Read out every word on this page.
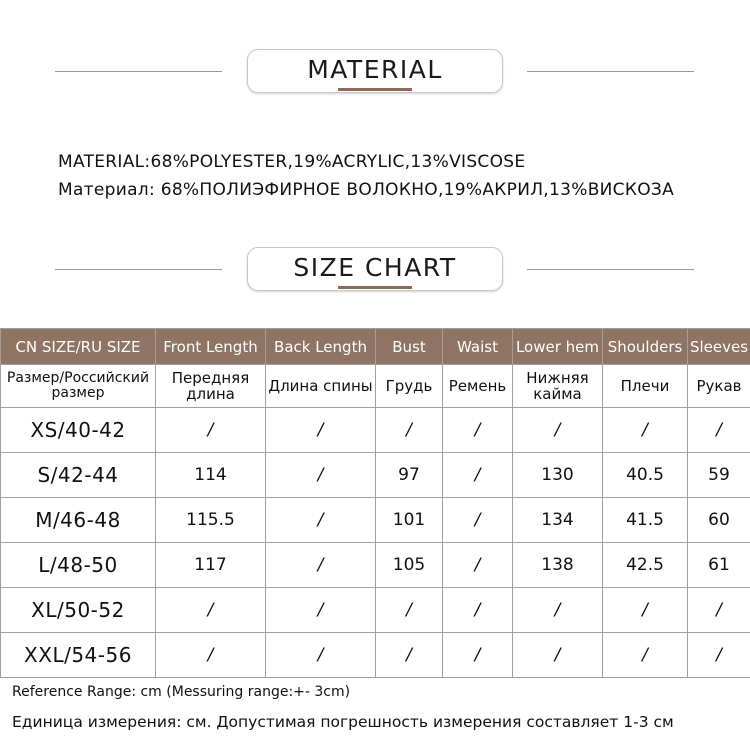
MATERIAL
MATERIAL:68%POLYESTER,19%ACRYLIC,13%VISCOSE
Материал: 68%ПОЛИЭФИРНОЕ ВОЛОКНО,19%АКРИЛ,13%ВИСКОЗА
SIZE CHART
CN SIZE/RU SIZE	Front Length	Back Length	Bust	Waist	Lower hem	Shoulders	Sleeves
Размер/Российский размер	Передняя длина	Длина спины	Грудь	Ремень	Нижняя кайма	Плечи	Рукав
XS/40-42	/	/	/	/	/	/	/
S/42-44	114	/	97	/	130	40.5	59
M/46-48	115.5	/	101	/	134	41.5	60
L/48-50	117	/	105	/	138	42.5	61
XL/50-52	/	/	/	/	/	/	/
XXL/54-56	/	/	/	/	/	/	/
Reference Range: cm (Messuring range:+- 3cm)
Единица измерения: см. Допустимая погрешность измерения составляет 1-3 см
